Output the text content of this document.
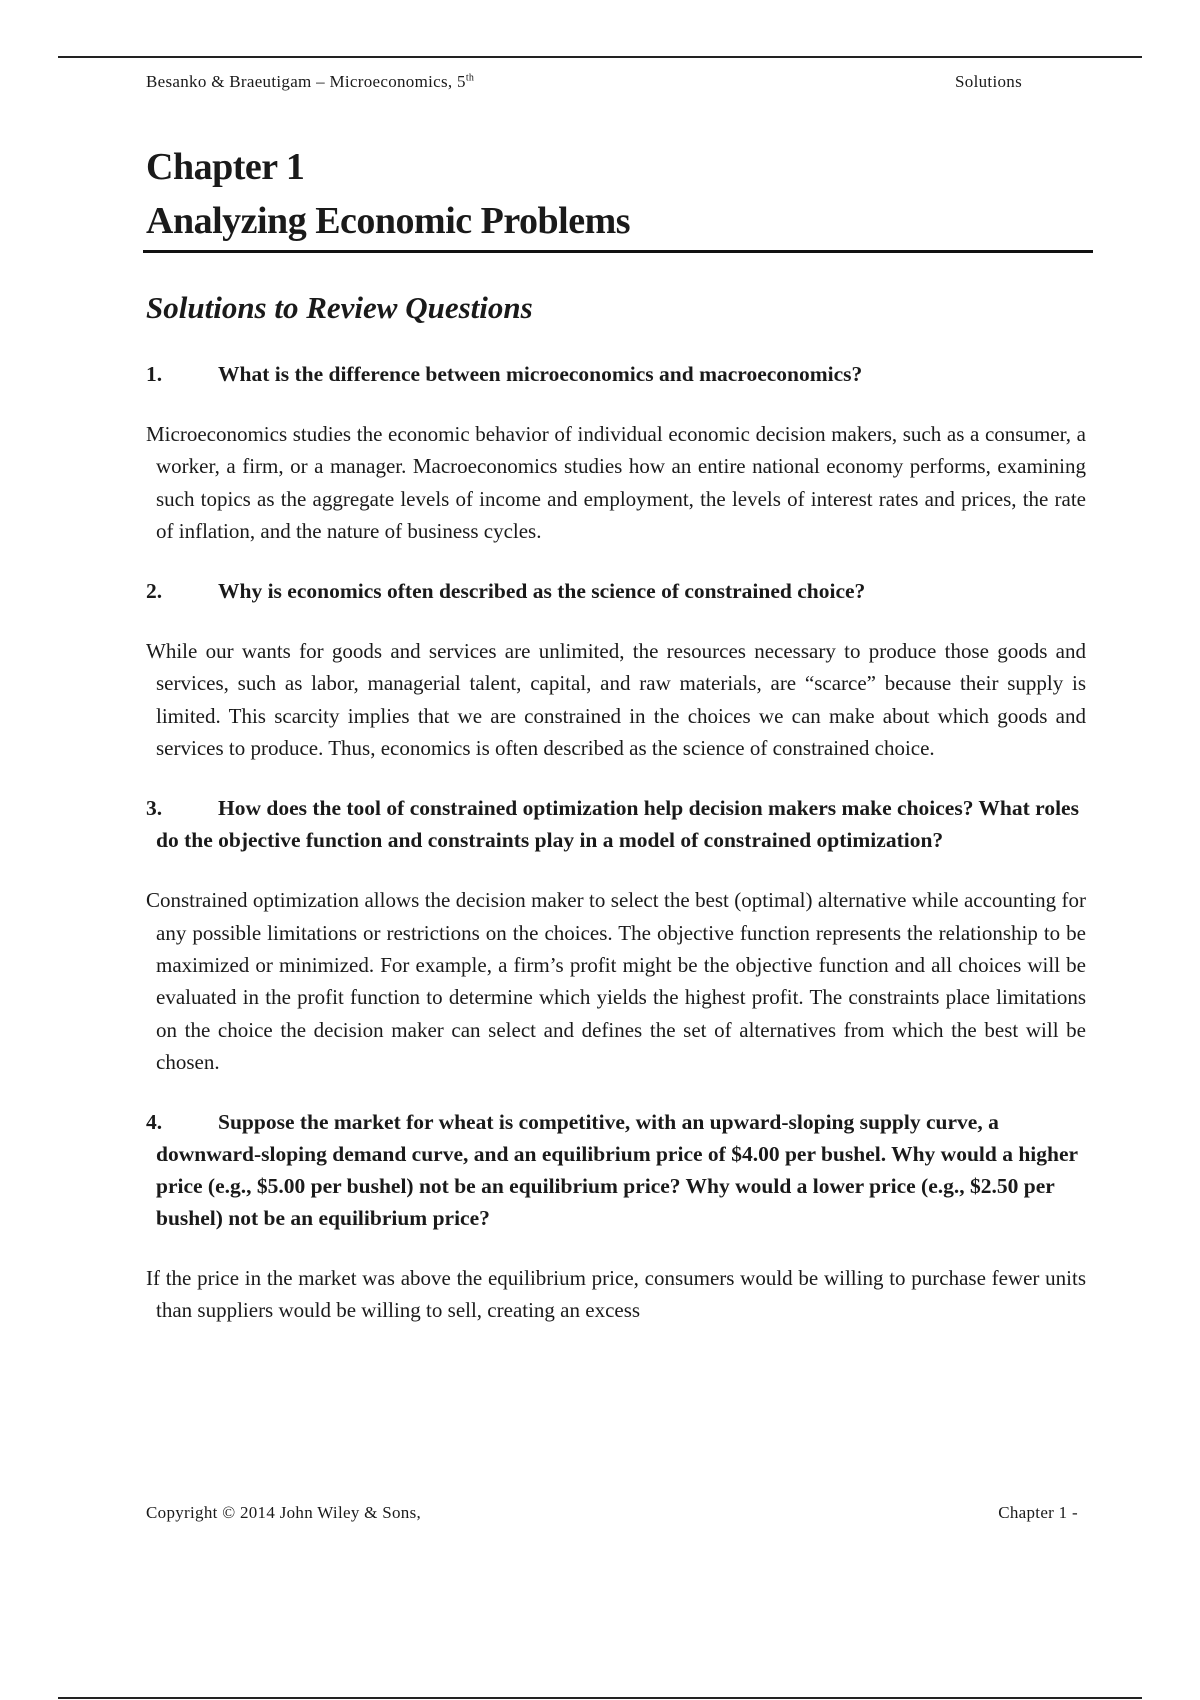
Besanko & Braeutigam – Microeconomics, 5th	Solutions
Chapter 1
Analyzing Economic Problems
Solutions to Review Questions

1.	What is the difference between microeconomics and macroeconomics?

Microeconomics studies the economic behavior of individual economic decision makers, such as a consumer, a worker, a firm, or a manager. Macroeconomics studies how an entire national economy performs, examining such topics as the aggregate levels of income and employment, the levels of interest rates and prices, the rate of inflation, and the nature of business cycles.

2.	Why is economics often described as the science of constrained choice?

While our wants for goods and services are unlimited, the resources necessary to produce those goods and services, such as labor, managerial talent, capital, and raw materials, are “scarce” because their supply is limited. This scarcity implies that we are constrained in the choices we can make about which goods and services to produce. Thus, economics is often described as the science of constrained choice.

3.	How does the tool of constrained optimization help decision makers make choices? What roles do the objective function and constraints play in a model of constrained optimization?

Constrained optimization allows the decision maker to select the best (optimal) alternative while accounting for any possible limitations or restrictions on the choices. The objective function represents the relationship to be maximized or minimized. For example, a firm’s profit might be the objective function and all choices will be evaluated in the profit function to determine which yields the highest profit. The constraints place limitations on the choice the decision maker can select and defines the set of alternatives from which the best will be chosen.

4.	Suppose the market for wheat is competitive, with an upward-sloping supply curve, a downward-sloping demand curve, and an equilibrium price of $4.00 per bushel. Why would a higher price (e.g., $5.00 per bushel) not be an equilibrium price? Why would a lower price (e.g., $2.50 per bushel) not be an equilibrium price?

If the price in the market was above the equilibrium price, consumers would be willing to purchase fewer units than suppliers would be willing to sell, creating an excess

Copyright © 2014 John Wiley & Sons,	Chapter 1 -
